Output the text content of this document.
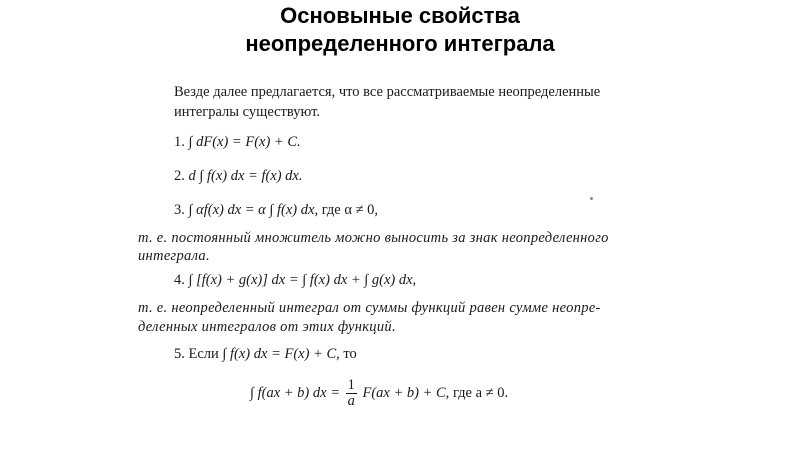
Основыные свойства
неопределенного интеграла
Везде далее предлагается, что все рассматриваемые неопределенные
интегралы существуют.
1. ∫ dF(x) = F(x) + C.
2. d ∫ f(x) dx = f(x) dx.
3. ∫ αf(x) dx = α ∫ f(x) dx, где α ≠ 0,
т. е. постоянный множитель можно выносить за знак неопределенного
интеграла.
4. ∫ [f(x) + g(x)] dx = ∫ f(x) dx + ∫ g(x) dx,
т. е. неопределенный интеграл от суммы функций равен сумме неопре-
деленных интегралов от этих функций.
5. Если ∫ f(x) dx = F(x) + C, то
∫ f(ax + b) dx = $\frac{1}{a} F(ax + b) + C$, где a ≠ 0.
